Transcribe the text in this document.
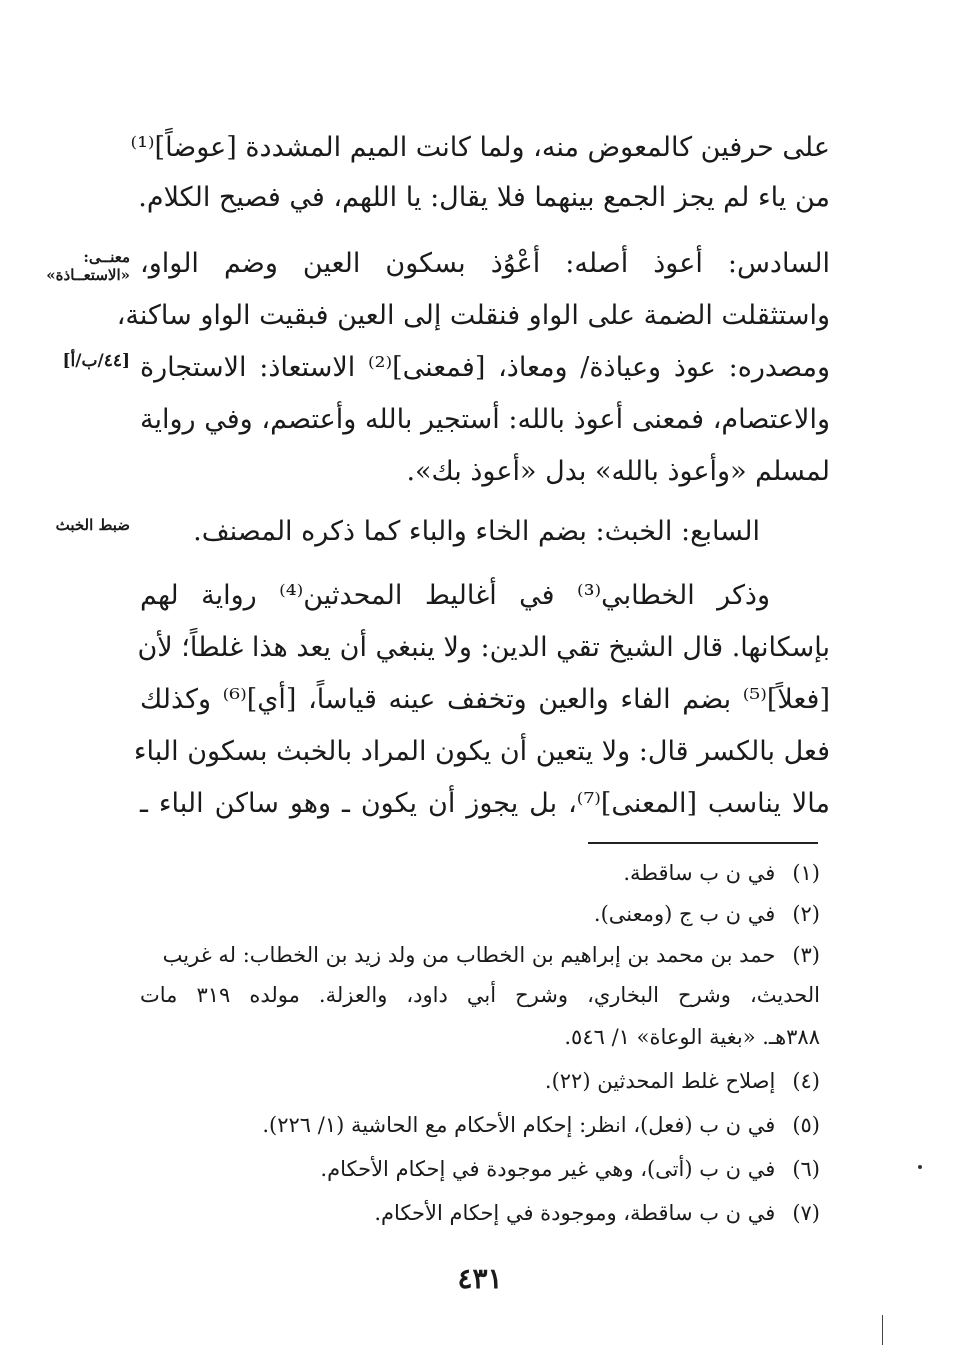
على حرفين كالمعوض منه، ولما كانت الميم المشددة [عوضاً]⁽¹⁾
من ياء لم يجز الجمع بينهما فلا يقال: يا اللهم، في فصيح الكلام.
السادس: أعوذ أصله: أعْوُذ بسكون العين وضم الواو،
واستثقلت الضمة على الواو فنقلت إلى العين فبقيت الواو ساكنة،
ومصدره: عوذ وعياذة/ ومعاذ، [فمعنى]⁽²⁾ الاستعاذ: الاستجارة
والاعتصام، فمعنى أعوذ بالله: أستجير بالله وأعتصم، وفي رواية
لمسلم «وأعوذ بالله» بدل «أعوذ بك».
السابع: الخبث: بضم الخاء والباء كما ذكره المصنف.
وذكر الخطابي⁽³⁾ في أغاليط المحدثين⁽⁴⁾ رواية لهم
بإسكانها. قال الشيخ تقي الدين: ولا ينبغي أن يعد هذا غلطاً؛ لأن
[فعلاً]⁽⁵⁾ بضم الفاء والعين وتخفف عينه قياساً، [أي]⁽⁶⁾ وكذلك
فعل بالكسر قال: ولا يتعين أن يكون المراد بالخبث بسكون الباء
مالا يناسب [المعنى]⁽⁷⁾، بل يجوز أن يكون ـ وهو ساكن الباء ـ
معنــى: «الاستعــاذة»
[٤٤/ب/أ]
ضبط الخبث
(١) في ن ب ساقطة.
(٢) في ن ب ج (ومعنى).
(٣) حمد بن محمد بن إبراهيم بن الخطاب من ولد زيد بن الخطاب: له غريب
الحديث، وشرح البخاري، وشرح أبي داود، والعزلة. مولده ٣١٩ مات
٣٨٨هـ. «بغية الوعاة» ١/ ٥٤٦.
(٤) إصلاح غلط المحدثين (٢٢).
(٥) في ن ب (فعل)، انظر: إحكام الأحكام مع الحاشية (١/ ٢٢٦).
(٦) في ن ب (أتى)، وهي غير موجودة في إحكام الأحكام.
(٧) في ن ب ساقطة، وموجودة في إحكام الأحكام.
٤٣١
